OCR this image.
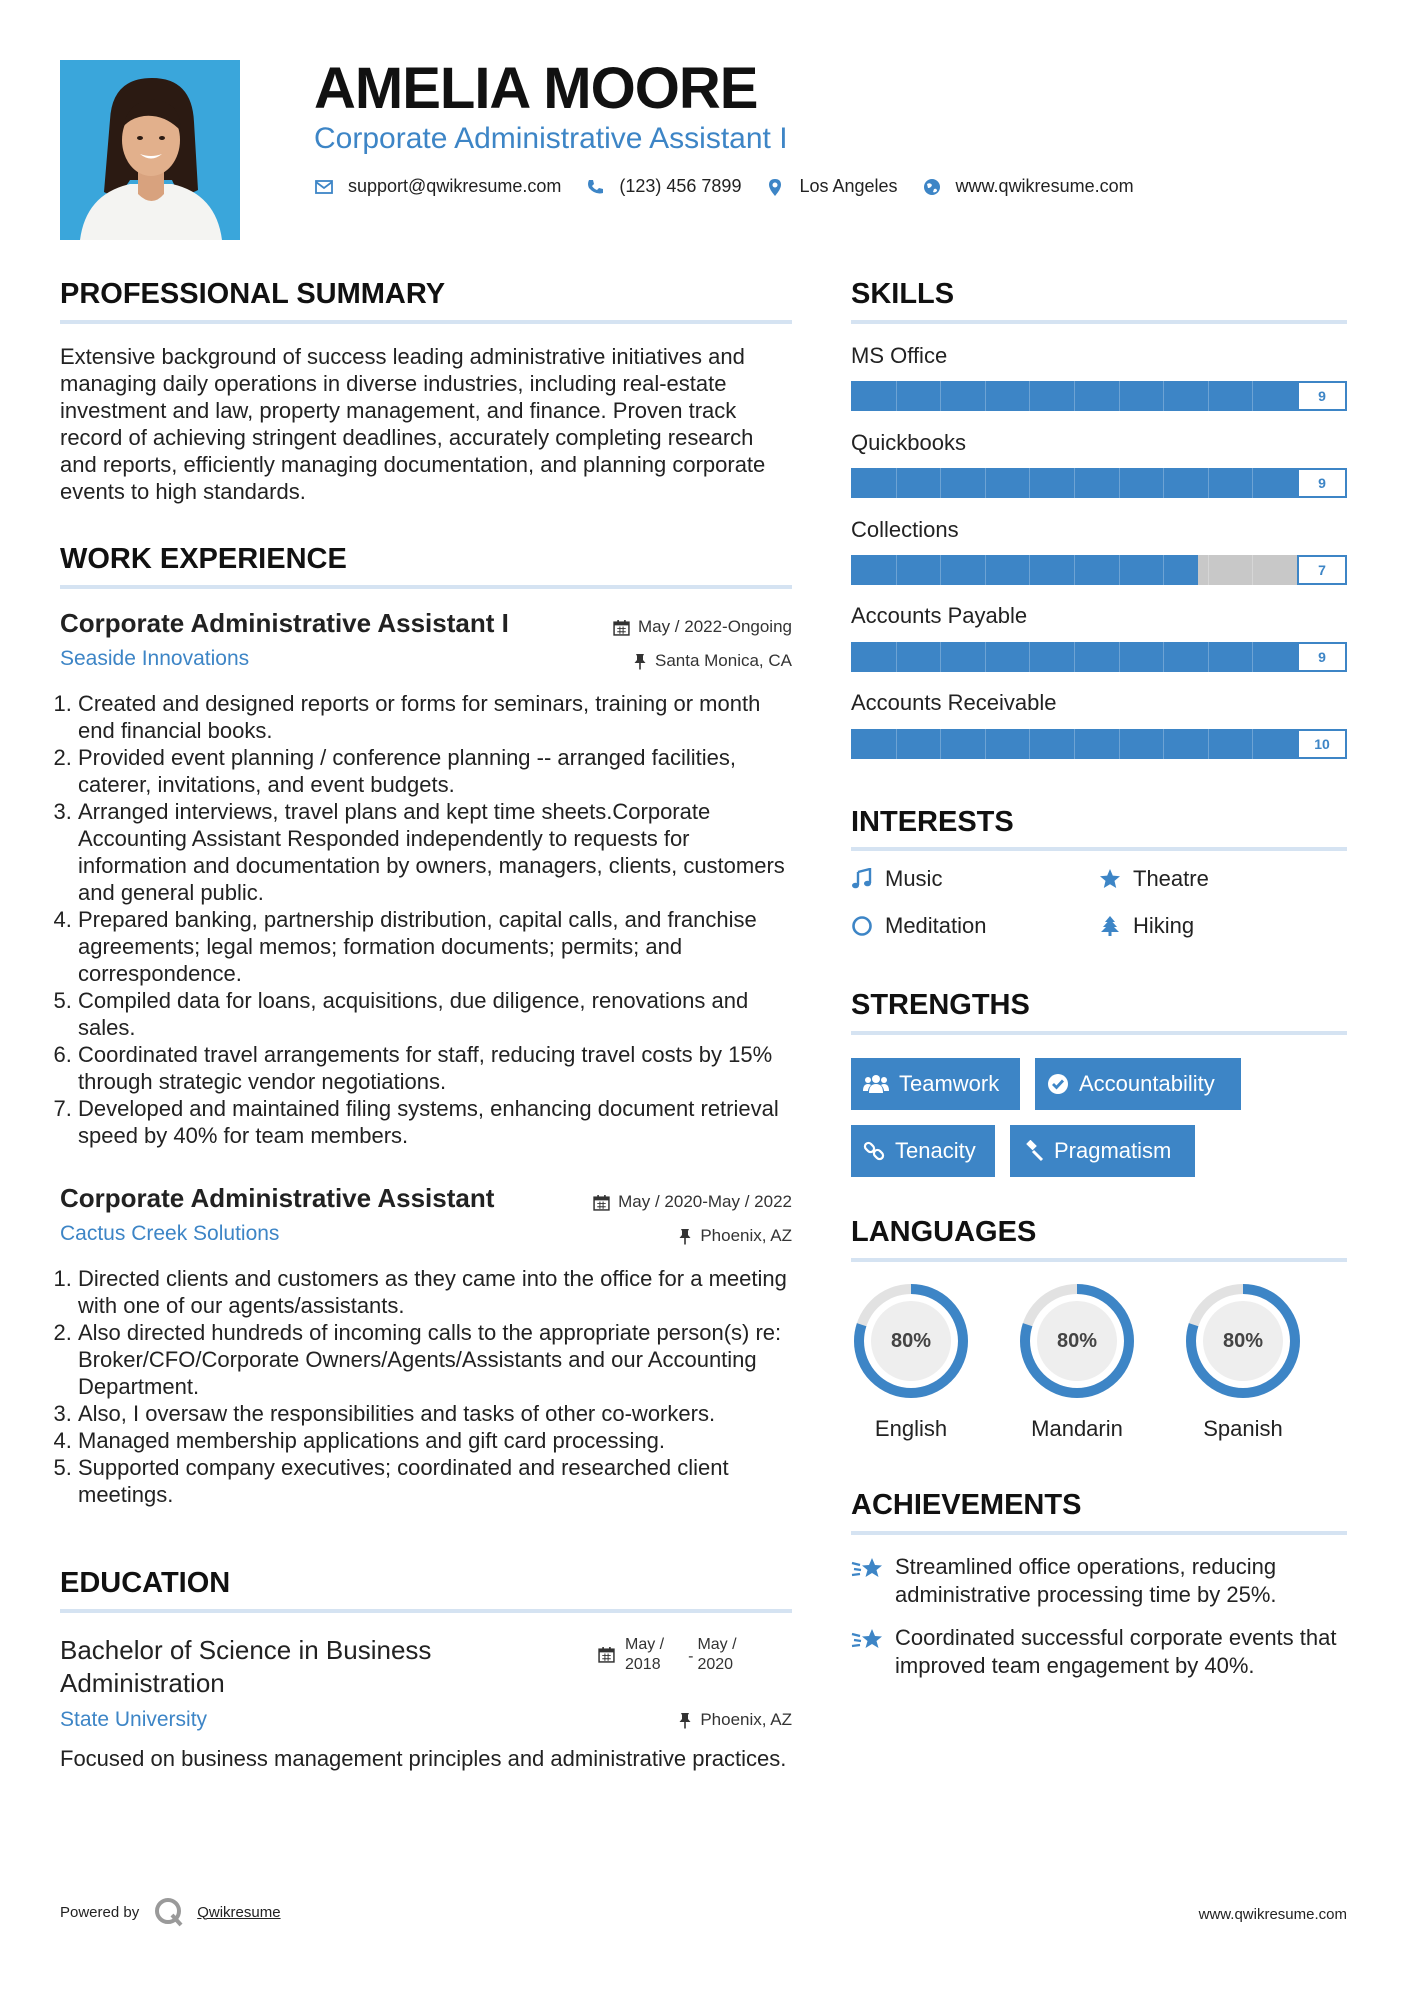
AMELIA MOORE
Corporate Administrative Assistant I
support@qwikresume.com	(123) 456 7899	Los Angeles	www.qwikresume.com
PROFESSIONAL SUMMARY

Extensive background of success leading administrative initiatives and managing daily operations in diverse industries, including real-estate investment and law, property management, and finance. Proven track record of achieving stringent deadlines, accurately completing research and reports, efficiently managing documentation, and planning corporate events to high standards.

WORK EXPERIENCE
Corporate Administrative Assistant I	May / 2022-Ongoing
Seaside Innovations	Santa Monica, CA
1. Created and designed reports or forms for seminars, training or month end financial books.
2. Provided event planning / conference planning -- arranged facilities, caterer, invitations, and event budgets.
3. Arranged interviews, travel plans and kept time sheets.Corporate Accounting Assistant Responded independently to requests for information and documentation by owners, managers, clients, customers and general public.
4. Prepared banking, partnership distribution, capital calls, and franchise agreements; legal memos; formation documents; permits; and correspondence.
5. Compiled data for loans, acquisitions, due diligence, renovations and sales.
6. Coordinated travel arrangements for staff, reducing travel costs by 15% through strategic vendor negotiations.
7. Developed and maintained filing systems, enhancing document retrieval speed by 40% for team members.
Corporate Administrative Assistant	May / 2020-May / 2022
Cactus Creek Solutions	Phoenix, AZ
1. Directed clients and customers as they came into the office for a meeting with one of our agents/assistants.
2. Also directed hundreds of incoming calls to the appropriate person(s) re: Broker/CFO/Corporate Owners/Agents/Assistants and our Accounting Department.
3. Also, I oversaw the responsibilities and tasks of other co-workers.
4. Managed membership applications and gift card processing.
5. Supported company executives; coordinated and researched client meetings.
EDUCATION
Bachelor of Science in Business
Administration
May /
2018 -
May /
2020
State University	Phoenix, AZ

Focused on business management principles and administrative practices.

SKILLS
MS Office
9
Quickbooks
9
Collections
7
Accounts Payable
9
Accounts Receivable
10
INTERESTS
Music	Theatre
Meditation	Hiking
STRENGTHS
Teamwork	Accountability
Tenacity	Pragmatism
LANGUAGES
80%
English
80%
Mandarin
80%
Spanish
ACHIEVEMENTS
Streamlined office operations, reducing administrative processing time by 25%.
Coordinated successful corporate events that improved team engagement by 40%.
Powered by	Qwikresume	www.qwikresume.com
